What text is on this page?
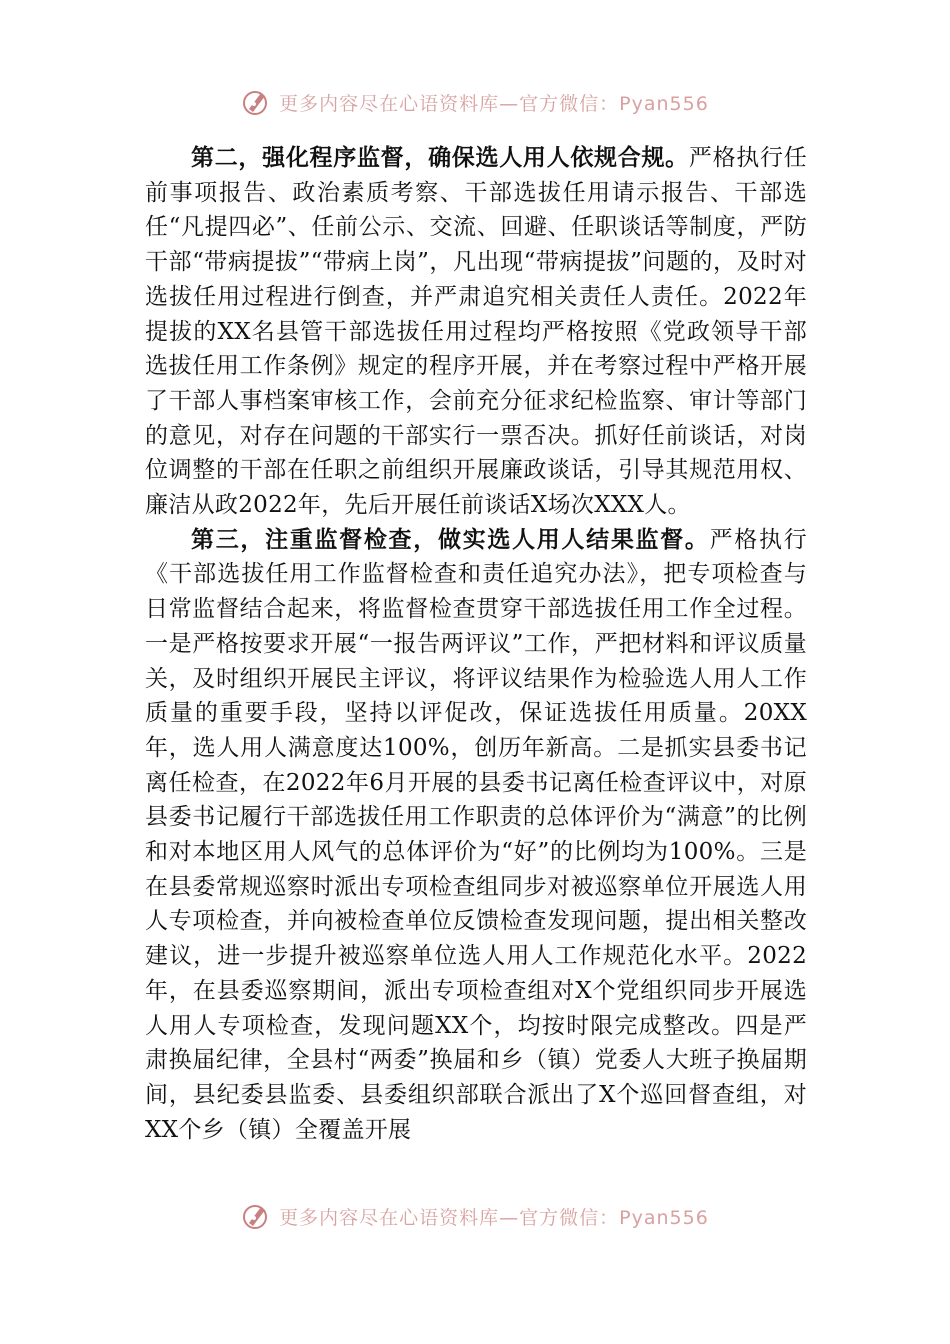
更多内容尽在心语资料库—官方微信：Pyan556

第二，强化程序监督，确保选人用人依规合规。严格执行任前事项报告、政治素质考察、干部选拔任用请示报告、干部选任“凡提四必”、任前公示、交流、回避、任职谈话等制度，严防干部“带病提拔”“带病上岗”，凡出现“带病提拔”问题的，及时对选拔任用过程进行倒查，并严肃追究相关责任人责任。2022年提拔的XX名县管干部选拔任用过程均严格按照《党政领导干部选拔任用工作条例》规定的程序开展，并在考察过程中严格开展了干部人事档案审核工作，会前充分征求纪检监察、审计等部门的意见，对存在问题的干部实行一票否决。抓好任前谈话，对岗位调整的干部在任职之前组织开展廉政谈话，引导其规范用权、廉洁从政2022年，先后开展任前谈话X场次XXX人。

第三，注重监督检查，做实选人用人结果监督。严格执行《干部选拔任用工作监督检查和责任追究办法》，把专项检查与日常监督结合起来，将监督检查贯穿干部选拔任用工作全过程。一是严格按要求开展“一报告两评议”工作，严把材料和评议质量关，及时组织开展民主评议，将评议结果作为检验选人用人工作质量的重要手段，坚持以评促改，保证选拔任用质量。20XX年，选人用人满意度达100%，创历年新高。二是抓实县委书记离任检查，在2022年6月开展的县委书记离任检查评议中，对原县委书记履行干部选拔任用工作职责的总体评价为“满意”的比例和对本地区用人风气的总体评价为“好”的比例均为100%。三是在县委常规巡察时派出专项检查组同步对被巡察单位开展选人用人专项检查，并向被检查单位反馈检查发现问题，提出相关整改建议，进一步提升被巡察单位选人用人工作规范化水平。2022年，在县委巡察期间，派出专项检查组对X个党组织同步开展选人用人专项检查，发现问题XX个，均按时限完成整改。四是严肃换届纪律，全县村“两委”换届和乡（镇）党委人大班子换届期间，县纪委县监委、县委组织部联合派出了X个巡回督查组，对XX个乡（镇）全覆盖开展

更多内容尽在心语资料库—官方微信：Pyan556
